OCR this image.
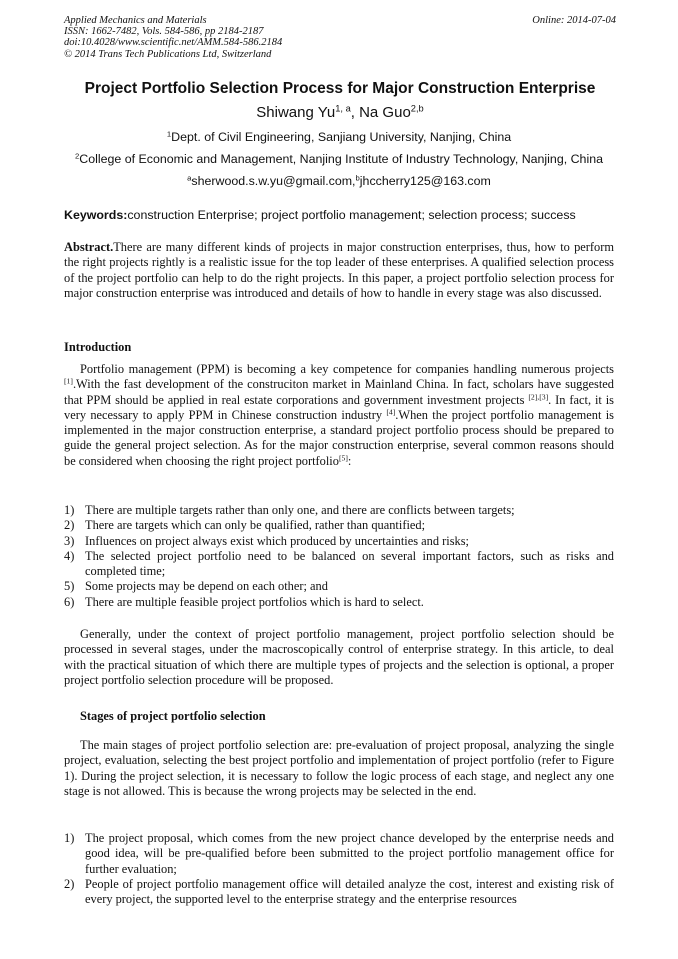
Applied Mechanics and Materials
ISSN: 1662-7482, Vols. 584-586, pp 2184-2187
doi:10.4028/www.scientific.net/AMM.584-586.2184
© 2014 Trans Tech Publications Ltd, Switzerland
Online: 2014-07-04
Project Portfolio Selection Process for Major Construction Enterprise
Shiwang Yu$^{1, a}$, Na Guo$^{2,b}$
$^1$Dept. of Civil Engineering, Sanjiang University, Nanjing, China
$^2$College of Economic and Management, Nanjing Institute of Industry Technology, Nanjing, China
$^a$sherwood.s.w.yu@gmail.com,$^b$jhccherry125@163.com
Keywords:construction Enterprise; project portfolio management; selection process; success
Abstract.There are many different kinds of projects in major construction enterprises, thus, how to perform the right projects rightly is a realistic issue for the top leader of these enterprises. A qualified selection process of the project portfolio can help to do the right projects. In this paper, a project portfolio selection process for major construction enterprise was introduced and details of how to handle in every stage was also discussed.
Introduction
Portfolio management (PPM) is becoming a key competence for companies handling numerous projects [1].With the fast development of the construciton market in Mainland China. In fact, scholars have suggested that PPM should be applied in real estate corporations and government investment projects [2],[3]. In fact, it is very necessary to apply PPM in Chinese construction industry [4].When the project portfolio management is implemented in the major construction enterprise, a standard project portfolio process should be prepared to guide the general project selection. As for the major construction enterprise, several common reasons should be considered when choosing the right project portfolio[5]:
1) There are multiple targets rather than only one, and there are conflicts between targets;
2) There are targets which can only be qualified, rather than quantified;
3) Influences on project always exist which produced by uncertainties and risks;
4) The selected project portfolio need to be balanced on several important factors, such as risks and completed time;
5) Some projects may be depend on each other; and
6) There are multiple feasible project portfolios which is hard to select.
Generally, under the context of project portfolio management, project portfolio selection should be processed in several stages, under the macroscopically control of enterprise strategy. In this article, to deal with the practical situation of which there are multiple types of projects and the selection is optional, a proper project portfolio selection procedure will be proposed.
Stages of project portfolio selection
The main stages of project portfolio selection are: pre-evaluation of project proposal, analyzing the single project, evaluation, selecting the best project portfolio and implementation of project portfolio (refer to Figure 1). During the project selection, it is necessary to follow the logic process of each stage, and neglect any one stage is not allowed. This is because the wrong projects may be selected in the end.
1) The project proposal, which comes from the new project chance developed by the enterprise needs and good idea, will be pre-qualified before been submitted to the project portfolio management office for further evaluation;
2) People of project portfolio management office will detailed analyze the cost, interest and existing risk of every project, the supported level to the enterprise strategy and the enterprise resources
